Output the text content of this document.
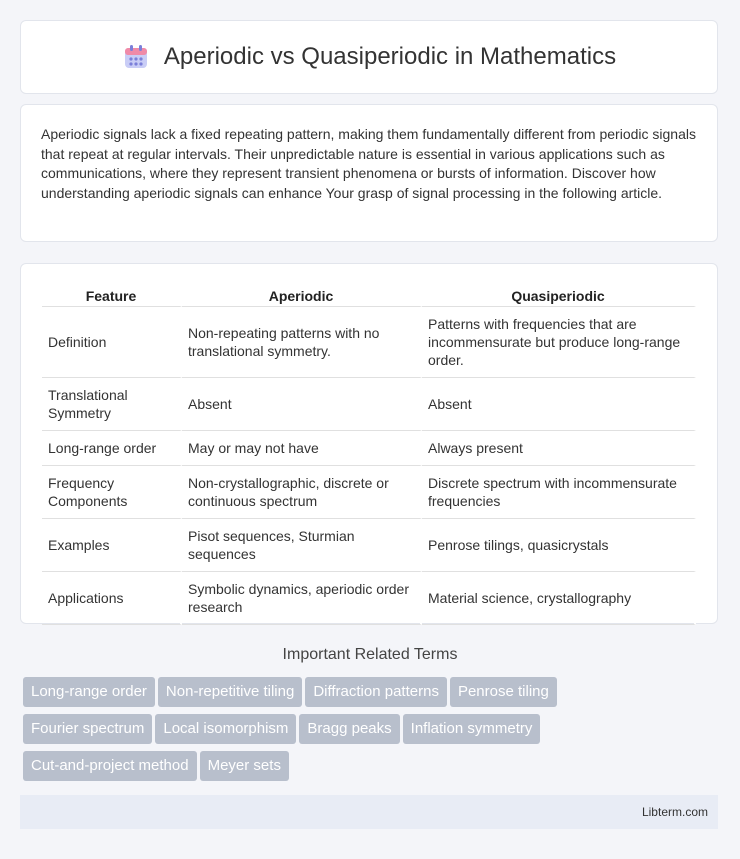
Aperiodic vs Quasiperiodic in Mathematics

Aperiodic signals lack a fixed repeating pattern, making them fundamentally different from periodic signals that repeat at regular intervals. Their unpredictable nature is essential in various applications such as communications, where they represent transient phenomena or bursts of information. Discover how understanding aperiodic signals can enhance Your grasp of signal processing in the following article.

Feature	Aperiodic	Quasiperiodic
Definition	Non-repeating patterns with no translational symmetry.	Patterns with frequencies that are incommensurate but produce long-range order.
Translational Symmetry	Absent	Absent
Long-range order	May or may not have	Always present
Frequency Components	Non-crystallographic, discrete or continuous spectrum	Discrete spectrum with incommensurate frequencies
Examples	Pisot sequences, Sturmian sequences	Penrose tilings, quasicrystals
Applications	Symbolic dynamics, aperiodic order research	Material science, crystallography
Important Related Terms
Long-range order Non-repetitive tiling Diffraction patterns Penrose tiling
Fourier spectrum Local isomorphism Bragg peaks Inflation symmetry
Cut-and-project method Meyer sets
Libterm.com
